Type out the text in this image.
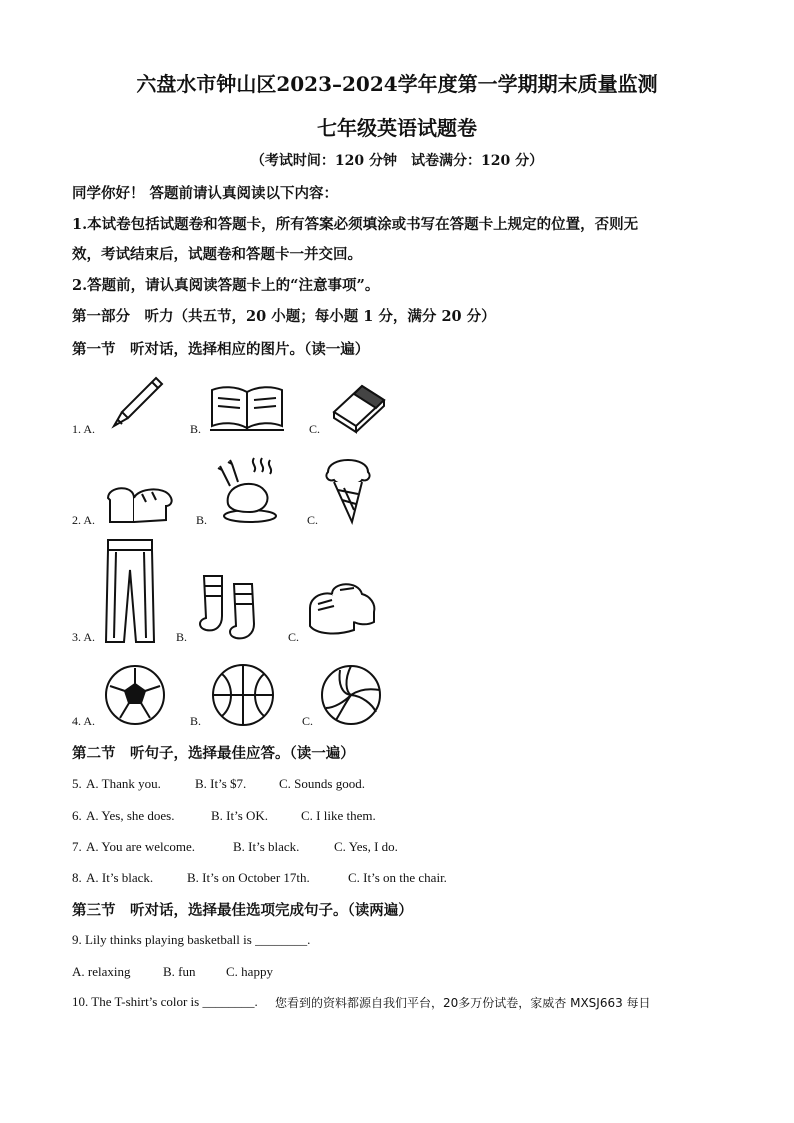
六盘水市钟山区2023–2024学年度第一学期期末质量监测
七年级英语试题卷
（考试时间：120 分钟　试卷满分：120 分）
同学你好！ 答题前请认真阅读以下内容：
1.本试卷包括试题卷和答题卡，所有答案必须填涂或书写在答题卡上规定的位置，否则无
效，考试结束后，试题卷和答题卡一并交回。
2.答题前，请认真阅读答题卡上的“注意事项”。
第一部分　听力（共五节，20 小题；每小题 1 分，满分 20 分）
第一节　听对话，选择相应的图片。（读一遍）
1. A.	B.	C.
2. A.	B.	C.
3. A.	B.	C.
4. A.	B.	C.
第二节　听句子，选择最佳应答。（读一遍）
5. A. Thank you.	B. It’s $7.	C. Sounds good.
6. A. Yes, she does.	B. It’s OK.	C. I like them.
7. A. You are welcome.	B. It’s black.	C. Yes, I do.
8. A. It’s black.	B. It’s on October 17th.	C. It’s on the chair.
第三节　听对话，选择最佳选项完成句子。（读两遍）
9. Lily thinks playing basketball is ________.
A. relaxing	B. fun C. happy
10. The T-shirt’s color is ________. 您看到的资料都源自我们平台，20多万份试卷，家威杏 MXSJ663 每日
